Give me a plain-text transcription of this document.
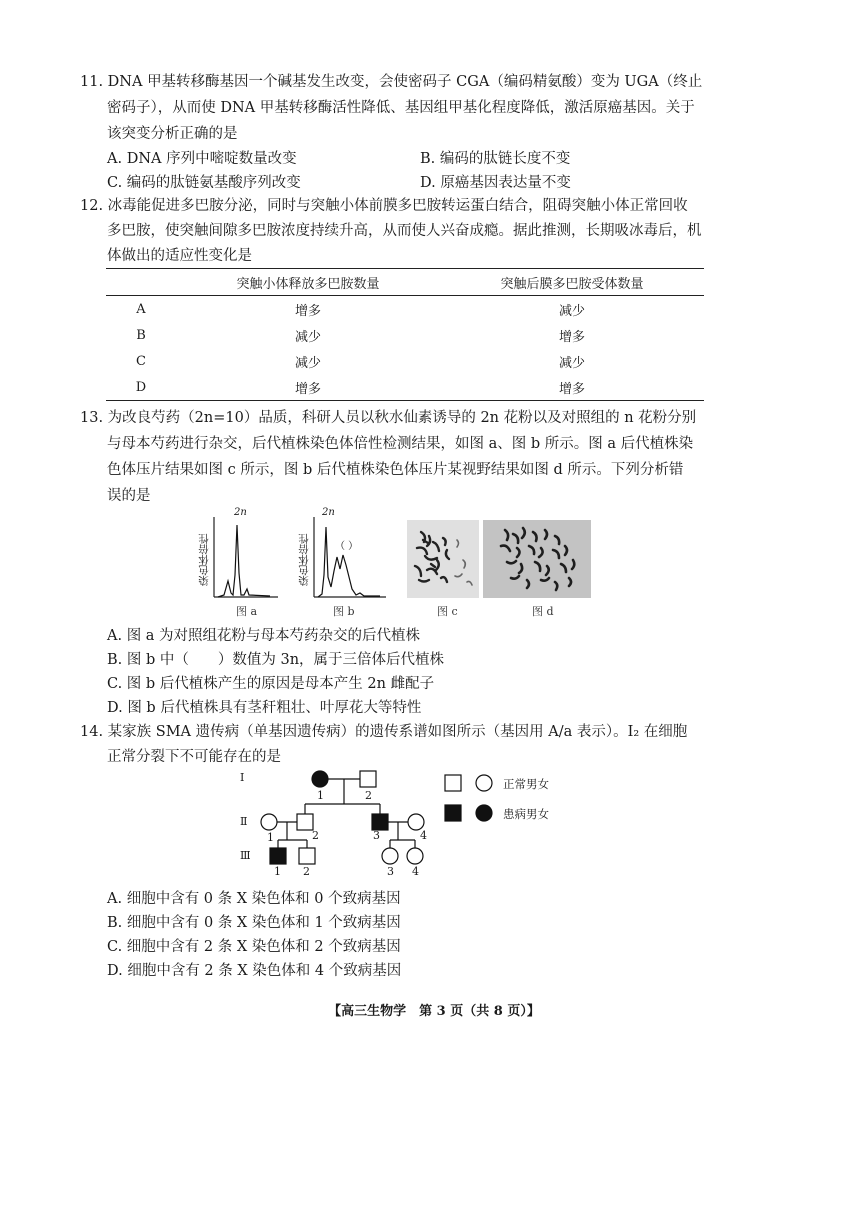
11. DNA 甲基转移酶基因一个碱基发生改变，会使密码子 CGA（编码精氨酸）变为 UGA（终止
密码子），从而使 DNA 甲基转移酶活性降低、基因组甲基化程度降低，激活原癌基因。关于
该突变分析正确的是
A. DNA 序列中嘧啶数量改变	B. 编码的肽链长度不变
C. 编码的肽链氨基酸序列改变	D. 原癌基因表达量不变
12. 冰毒能促进多巴胺分泌，同时与突触小体前膜多巴胺转运蛋白结合，阻碍突触小体正常回收
多巴胺，使突触间隙多巴胺浓度持续升高，从而使人兴奋成瘾。据此推测，长期吸冰毒后，机
体做出的适应性变化是
	突触小体释放多巴胺数量	突触后膜多巴胺受体数量
A	增多	减少
B	减少	增多
C	减少	减少
D	增多	增多
13. 为改良芍药（2n=10）品质，科研人员以秋水仙素诱导的 2n 花粉以及对照组的 n 花粉分别
与母本芍药进行杂交，后代植株染色体倍性检测结果，如图 a、图 b 所示。图 a 后代植株染
色体压片结果如图 c 所示，图 b 后代植株染色体压片某视野结果如图 d 所示。下列分析错
误的是
染色体倍性
2n
图 a
染色体倍性
2n
（ ）
图 b	图 c	图 d
A. 图 a 为对照组花粉与母本芍药杂交的后代植株
B. 图 b 中（　　）数值为 3n，属于三倍体后代植株
C. 图 b 后代植株产生的原因是母本产生 2n 雌配子
D. 图 b 后代植株具有茎秆粗壮、叶厚花大等特性
14. 某家族 SMA 遗传病（单基因遗传病）的遗传系谱如图所示（基因用 A/a 表示）。Ⅰ₂ 在细胞
正常分裂下不可能存在的是
Ⅰ
Ⅱ
Ⅲ
1	2
1	2	3	4
1 2	3 4
正常男女
患病男女
A. 细胞中含有 0 条 X 染色体和 0 个致病基因
B. 细胞中含有 0 条 X 染色体和 1 个致病基因
C. 细胞中含有 2 条 X 染色体和 2 个致病基因
D. 细胞中含有 2 条 X 染色体和 4 个致病基因
【高三生物学　第 3 页（共 8 页）】
